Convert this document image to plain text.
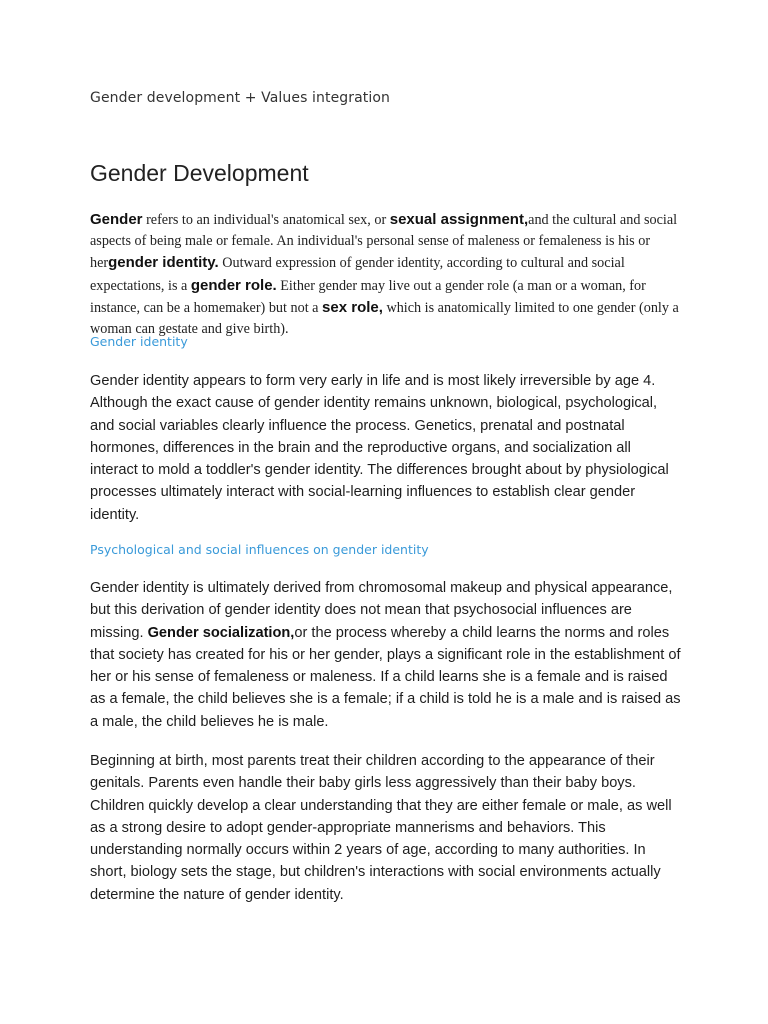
Gender development + Values integration
Gender Development

Gender refers to an individual's anatomical sex, or sexual assignment,and the cultural and social aspects of being male or female. An individual's personal sense of maleness or femaleness is his or hergender identity. Outward expression of gender identity, according to cultural and social expectations, is a gender role. Either gender may live out a gender role (a man or a woman, for instance, can be a homemaker) but not a sex role, which is anatomically limited to one gender (only a woman can gestate and give birth).

Gender identity

Gender identity appears to form very early in life and is most likely irreversible by age 4. Although the exact cause of gender identity remains unknown, biological, psychological, and social variables clearly influence the process. Genetics, prenatal and postnatal hormones, differences in the brain and the reproductive organs, and socialization all interact to mold a toddler's gender identity. The differences brought about by physiological processes ultimately interact with social-learning influences to establish clear gender identity.

Psychological and social influences on gender identity

Gender identity is ultimately derived from chromosomal makeup and physical appearance, but this derivation of gender identity does not mean that psychosocial influences are missing. Gender socialization,or the process whereby a child learns the norms and roles that society has created for his or her gender, plays a significant role in the establishment of her or his sense of femaleness or maleness. If a child learns she is a female and is raised as a female, the child believes she is a female; if a child is told he is a male and is raised as a male, the child believes he is male.

Beginning at birth, most parents treat their children according to the appearance of their genitals. Parents even handle their baby girls less aggressively than their baby boys. Children quickly develop a clear understanding that they are either female or male, as well as a strong desire to adopt gender-appropriate mannerisms and behaviors. This understanding normally occurs within 2 years of age, according to many authorities. In short, biology sets the stage, but children's interactions with social environments actually determine the nature of gender identity.
